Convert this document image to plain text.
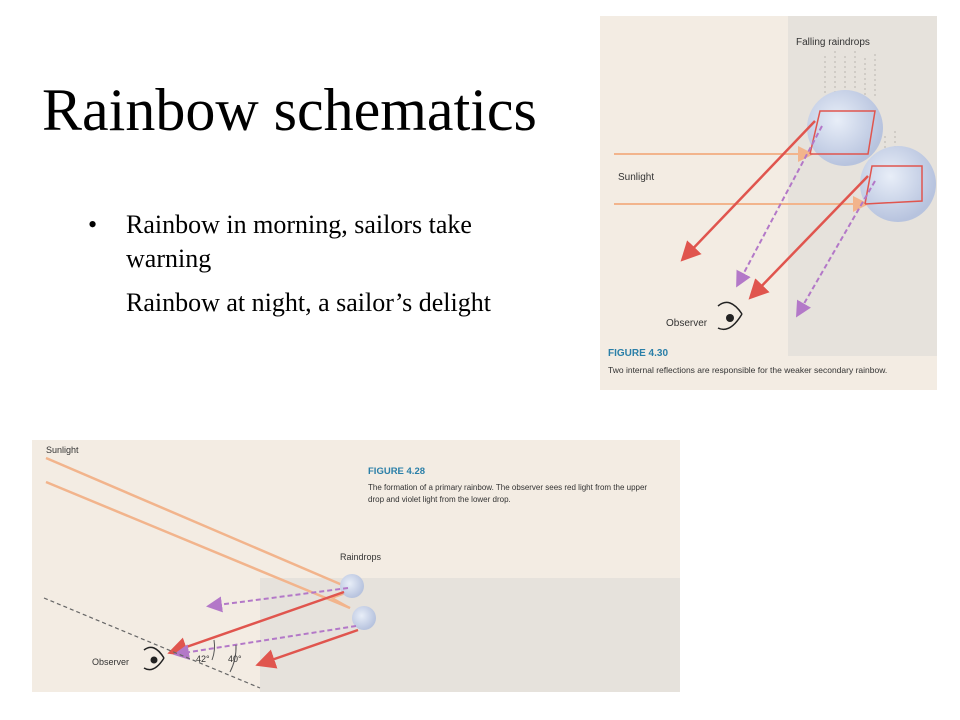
Rainbow schematics
• Rainbow in morning, sailors take warning
Rainbow at night, a sailor’s delight
Falling raindrops
Sunlight
Observer
FIGURE 4.30
Two internal reflections are responsible for the weaker secondary rainbow.
Sunlight
Raindrops
42° 40°
Observer
FIGURE 4.28
The formation of a primary rainbow. The observer sees red light from the upper
drop and violet light from the lower drop.
